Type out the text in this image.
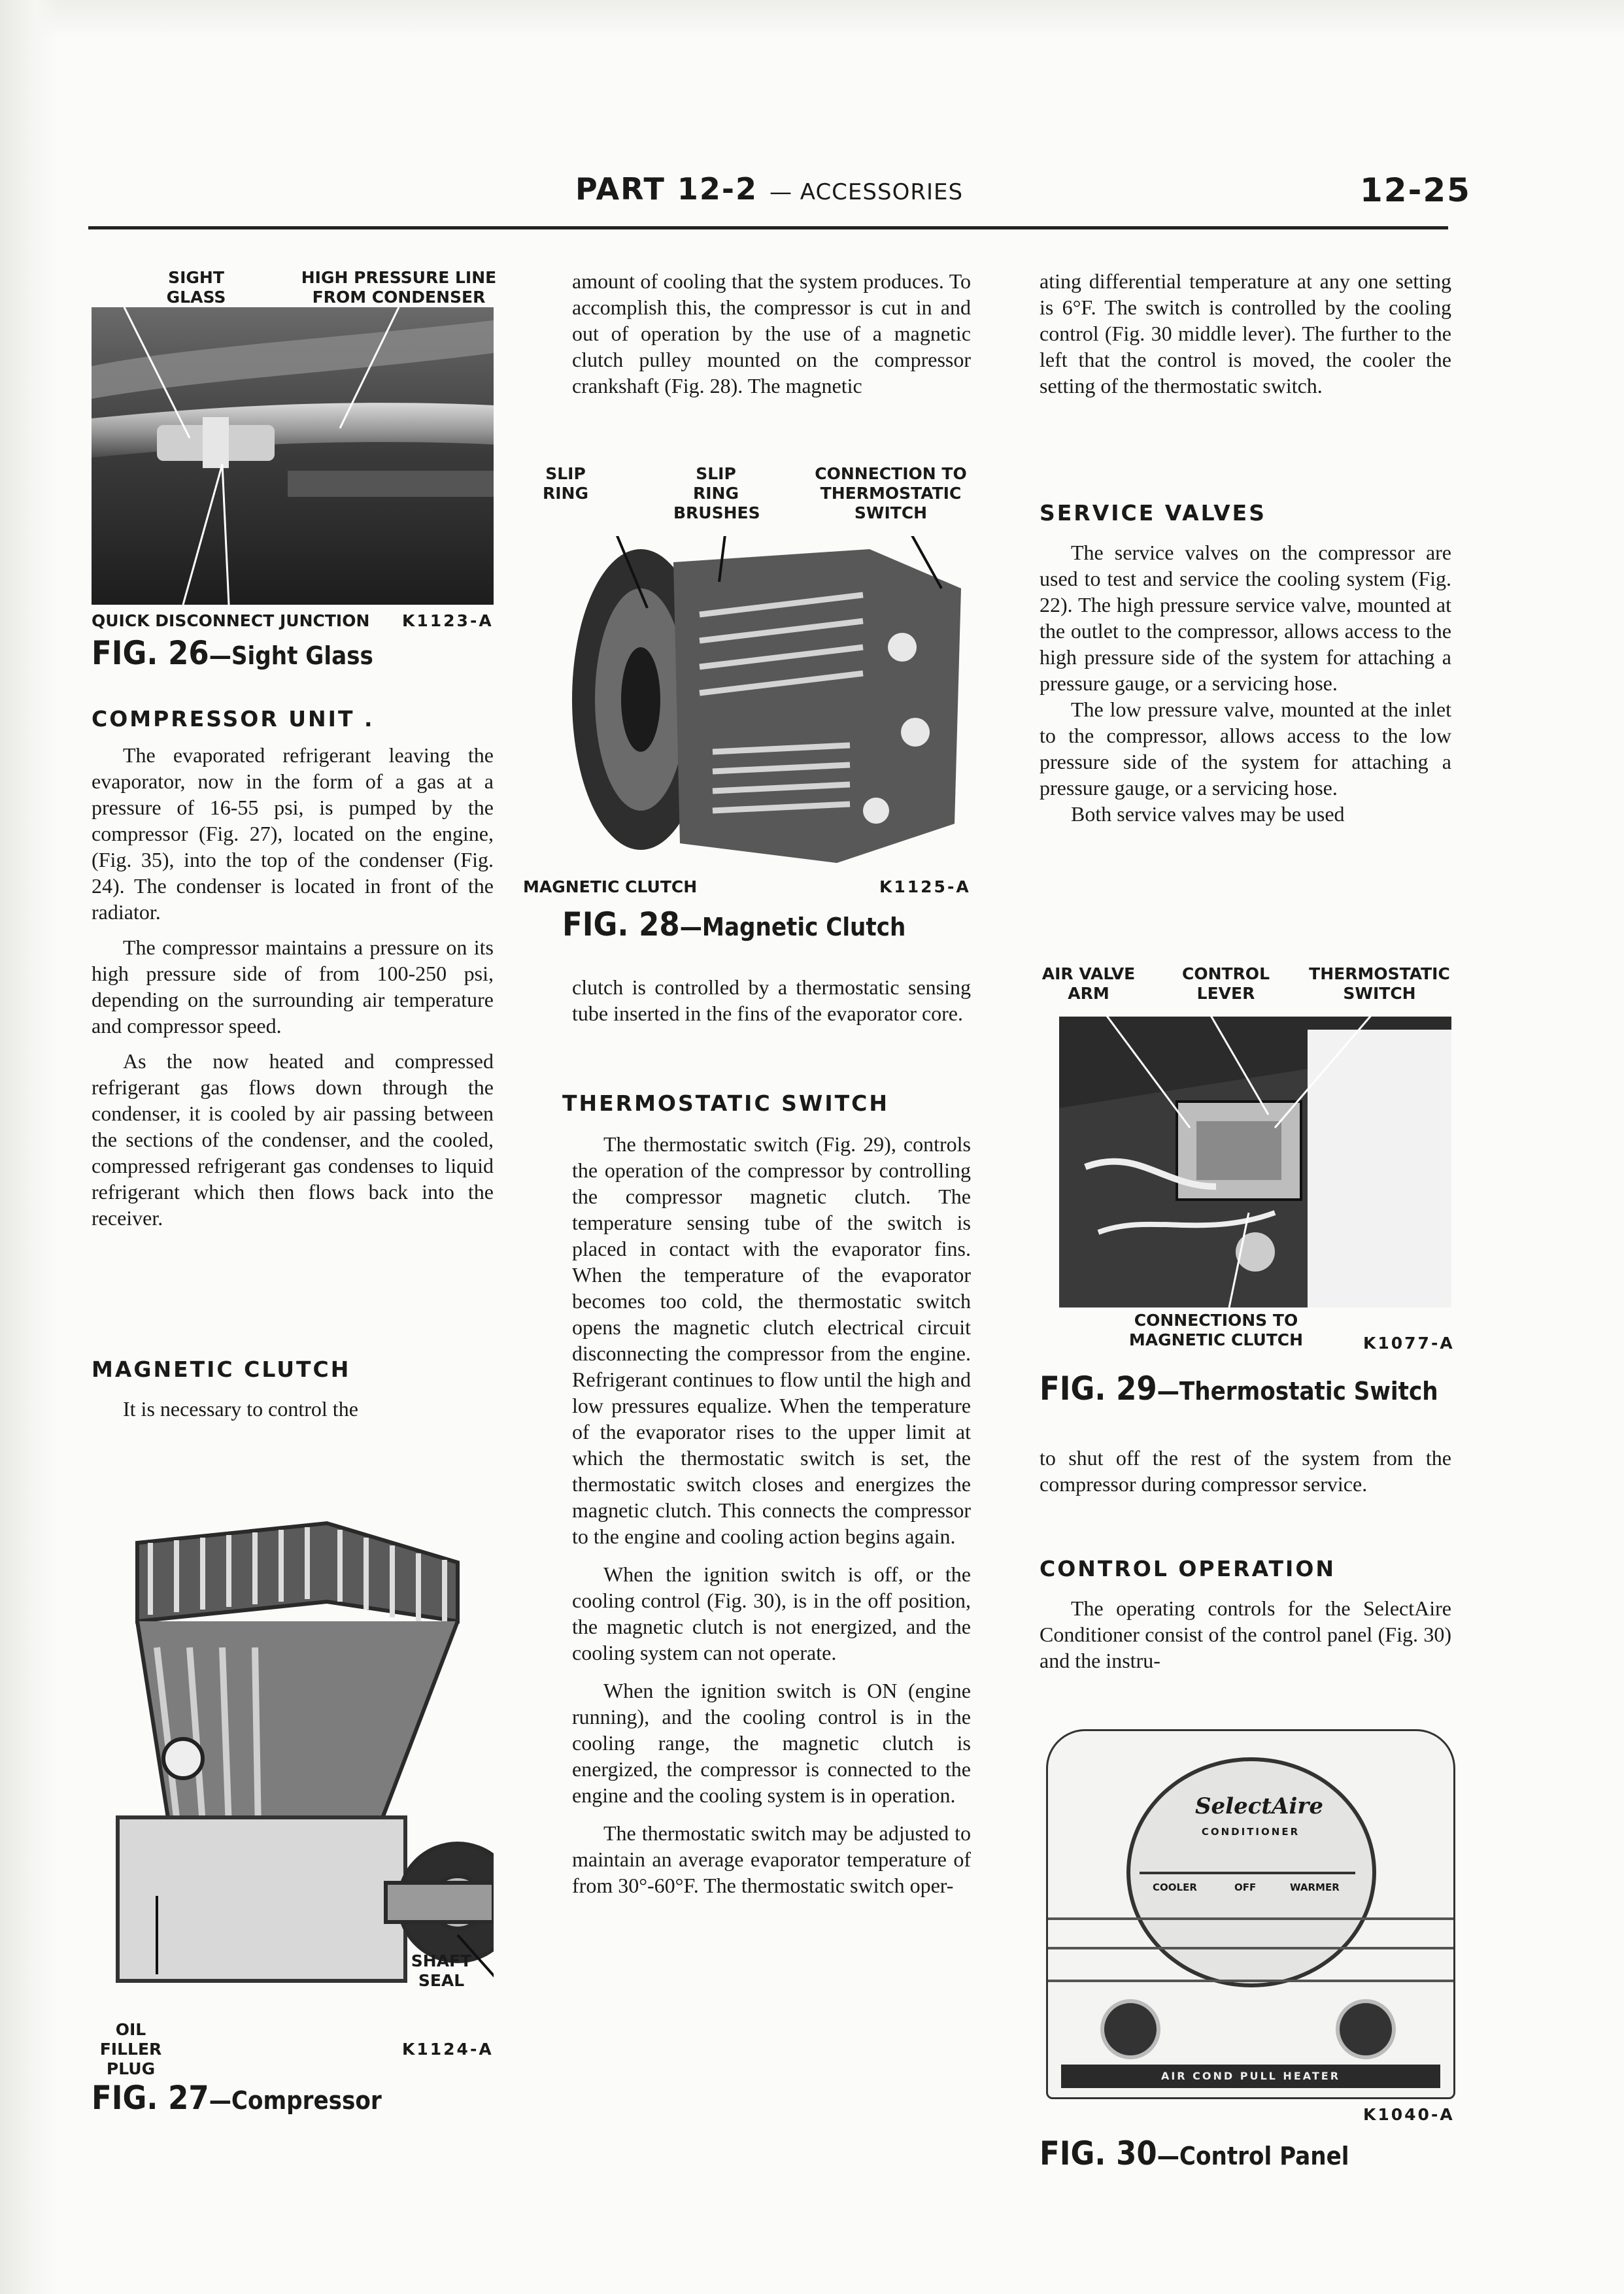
PART 12-2 — ACCESSORIES	12-25
SIGHT GLASS
HIGH PRESSURE LINE FROM CONDENSER
QUICK DISCONNECT JUNCTION K1123-A
FIG. 26—Sight Glass
COMPRESSOR UNIT .

The evaporated refrigerant leaving the evaporator, now in the form of a gas at a pressure of 16-55 psi, is pumped by the compressor (Fig. 27), located on the engine, (Fig. 35), into the top of the condenser (Fig. 24). The condenser is located in front of the radiator.

The compressor maintains a pressure on its high pressure side of from 100-250 psi, depending on the surrounding air temperature and compressor speed.

As the now heated and compressed refrigerant gas flows down through the condenser, it is cooled by air passing between the sections of the condenser, and the cooled, compressed refrigerant gas condenses to liquid refrigerant which then flows back into the receiver.

MAGNETIC CLUTCH

It is necessary to control the

SHAFT SEAL
OIL FILLER PLUG
K1124-A
FIG. 27—Compressor

amount of cooling that the system produces. To accomplish this, the compressor is cut in and out of operation by the use of a magnetic clutch pulley mounted on the compressor crankshaft (Fig. 28). The magnetic

SLIP RING
SLIP RING BRUSHES
CONNECTION TO THERMOSTATIC SWITCH
MAGNETIC CLUTCH	K1125-A
FIG. 28—Magnetic Clutch

clutch is controlled by a thermostatic sensing tube inserted in the fins of the evaporator core.

THERMOSTATIC SWITCH

The thermostatic switch (Fig. 29), controls the operation of the compressor by controlling the compressor magnetic clutch. The temperature sensing tube of the switch is placed in contact with the evaporator fins. When the temperature of the evaporator becomes too cold, the thermostatic switch opens the magnetic clutch electrical circuit disconnecting the compressor from the engine. Refrigerant continues to flow until the high and low pressures equalize. When the temperature of the evaporator rises to the upper limit at which the thermostatic switch is set, the thermostatic switch closes and energizes the magnetic clutch. This connects the compressor to the engine and cooling action begins again.

When the ignition switch is off, or the cooling control (Fig. 30), is in the off position, the magnetic clutch is not energized, and the cooling system can not operate.

When the ignition switch is ON (engine running), and the cooling control is in the cooling range, the magnetic clutch is energized, the compressor is connected to the engine and the cooling system is in operation.

The thermostatic switch may be adjusted to maintain an average evaporator temperature of from 30°-60°F. The thermostatic switch oper-

ating differential temperature at any one setting is 6°F. The switch is controlled by the cooling control (Fig. 30 middle lever). The further to the left that the control is moved, the cooler the setting of the thermostatic switch.

SERVICE VALVES

The service valves on the compressor are used to test and service the cooling system (Fig. 22). The high pressure service valve, mounted at the outlet to the compressor, allows access to the high pressure side of the system for attaching a pressure gauge, or a servicing hose.

The low pressure valve, mounted at the inlet to the compressor, allows access to the low pressure side of the system for attaching a pressure gauge, or a servicing hose.

Both service valves may be used

AIR VALVE ARM
CONTROL LEVER
THERMOSTATIC SWITCH
CONNECTIONS TO MAGNETIC CLUTCH	K1077-A
FIG. 29—Thermostatic Switch

to shut off the rest of the system from the compressor during compressor service.

CONTROL OPERATION

The operating controls for the SelectAire Conditioner consist of the control panel (Fig. 30) and the instru-

SelectAire
CONDITIONER
COOLER	OFF	WARMER
AIR COND PULL HEATER
K1040-A
FIG. 30—Control Panel
